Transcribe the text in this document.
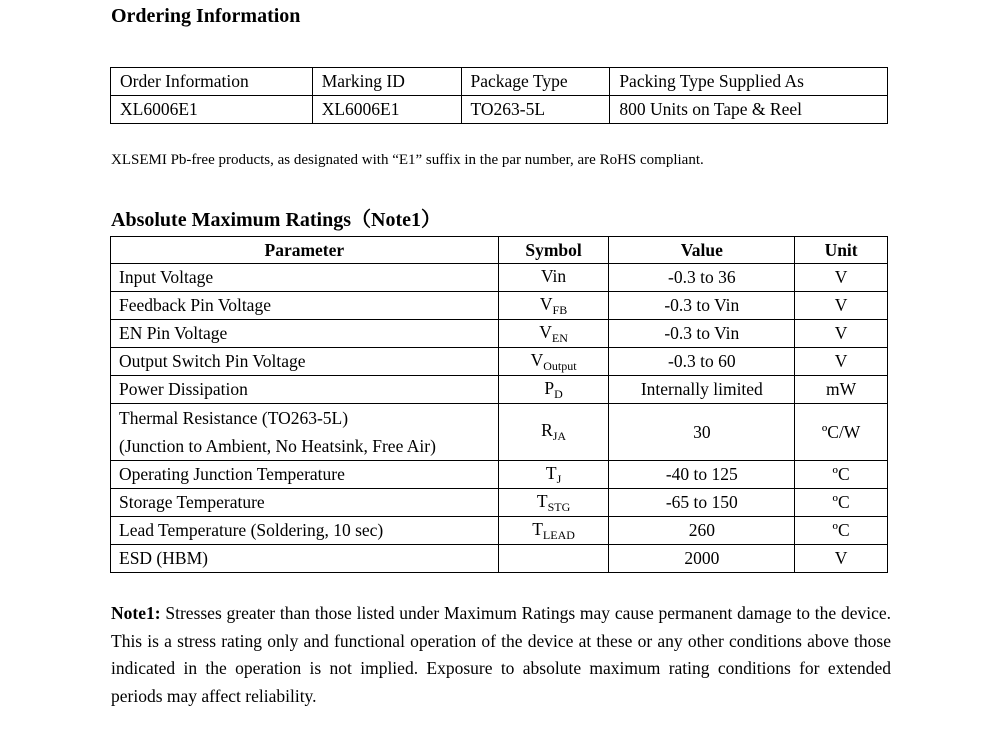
Ordering Information
Order Information	Marking ID	Package Type	Packing Type Supplied As
XL6006E1	XL6006E1	TO263-5L	800 Units on Tape & Reel

XLSEMI Pb-free products, as designated with “E1” suffix in the par number, are RoHS compliant.

Absolute Maximum Ratings（Note1）
Parameter	Symbol	Value	Unit
Input Voltage	Vin	-0.3 to 36	V
Feedback Pin Voltage	$V_{FB}$	-0.3 to Vin	V
EN Pin Voltage	$V_{EN}$	-0.3 to Vin	V
Output Switch Pin Voltage	$V_{Output}$	-0.3 to 60	V
Power Dissipation	$P_D$	Internally limited	mW

Thermal Resistance (TO263-5L)
(Junction to Ambient, No Heatsink, Free Air)	$R_{JA}$	30	ºC/W
Operating Junction Temperature	$T_J$	-40 to 125	ºC
Storage Temperature	$T_{STG}$	-65 to 150	ºC
Lead Temperature (Soldering, 10 sec)	$T_{LEAD}$	260	ºC
ESD (HBM)		2000	V

Note1: Stresses greater than those listed under Maximum Ratings may cause permanent damage to the device. This is a stress rating only and functional operation of the device at these or any other conditions above those indicated in the operation is not implied. Exposure to absolute maximum rating conditions for extended periods may affect reliability.
